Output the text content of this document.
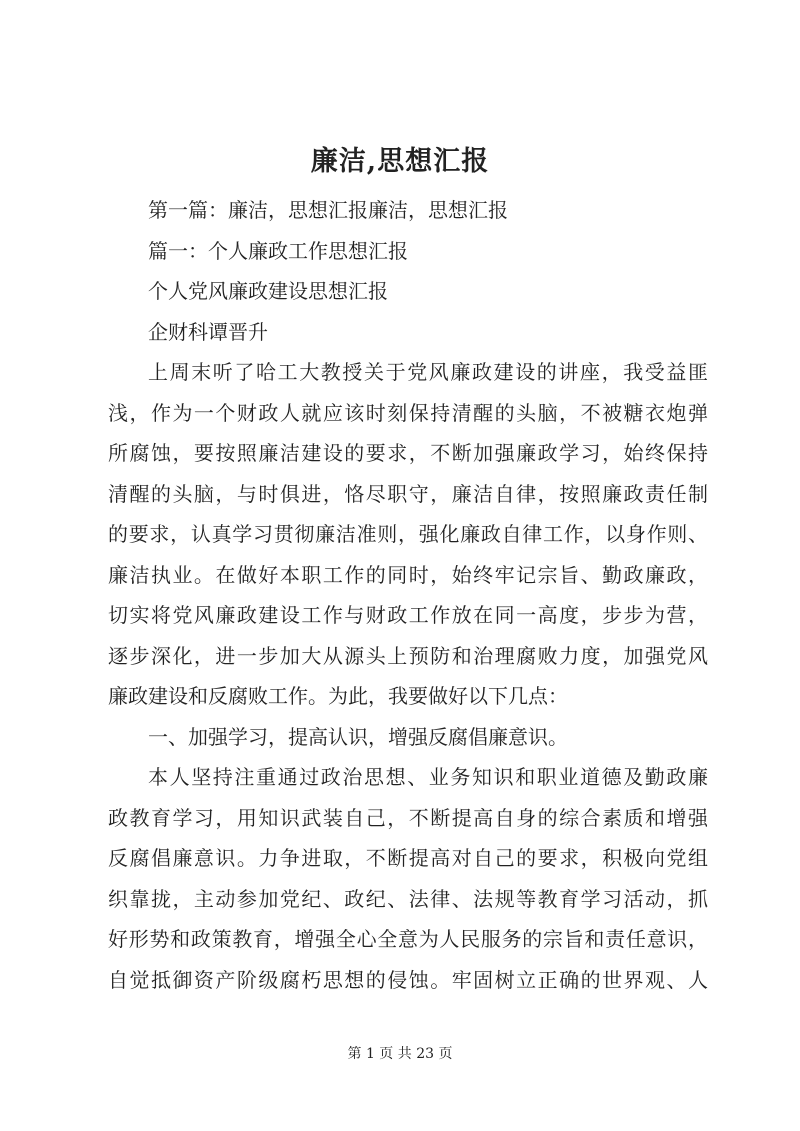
廉洁,思想汇报
第一篇：廉洁，思想汇报廉洁，思想汇报
篇一：个人廉政工作思想汇报
个人党风廉政建设思想汇报
企财科谭晋升
上周末听了哈工大教授关于党风廉政建设的讲座，我受益匪
浅，作为一个财政人就应该时刻保持清醒的头脑，不被糖衣炮弹
所腐蚀，要按照廉洁建设的要求，不断加强廉政学习，始终保持
清醒的头脑，与时俱进，恪尽职守，廉洁自律，按照廉政责任制
的要求，认真学习贯彻廉洁准则，强化廉政自律工作，以身作则、
廉洁执业。在做好本职工作的同时，始终牢记宗旨、勤政廉政，
切实将党风廉政建设工作与财政工作放在同一高度，步步为营，
逐步深化，进一步加大从源头上预防和治理腐败力度，加强党风
廉政建设和反腐败工作。为此，我要做好以下几点：
一、加强学习，提高认识，增强反腐倡廉意识。
本人坚持注重通过政治思想、业务知识和职业道德及勤政廉
政教育学习，用知识武装自己，不断提高自身的综合素质和增强
反腐倡廉意识。力争进取，不断提高对自己的要求，积极向党组
织靠拢，主动参加党纪、政纪、法律、法规等教育学习活动，抓
好形势和政策教育，增强全心全意为人民服务的宗旨和责任意识，
自觉抵御资产阶级腐朽思想的侵蚀。牢固树立正确的世界观、人
第 1 页 共 23 页
